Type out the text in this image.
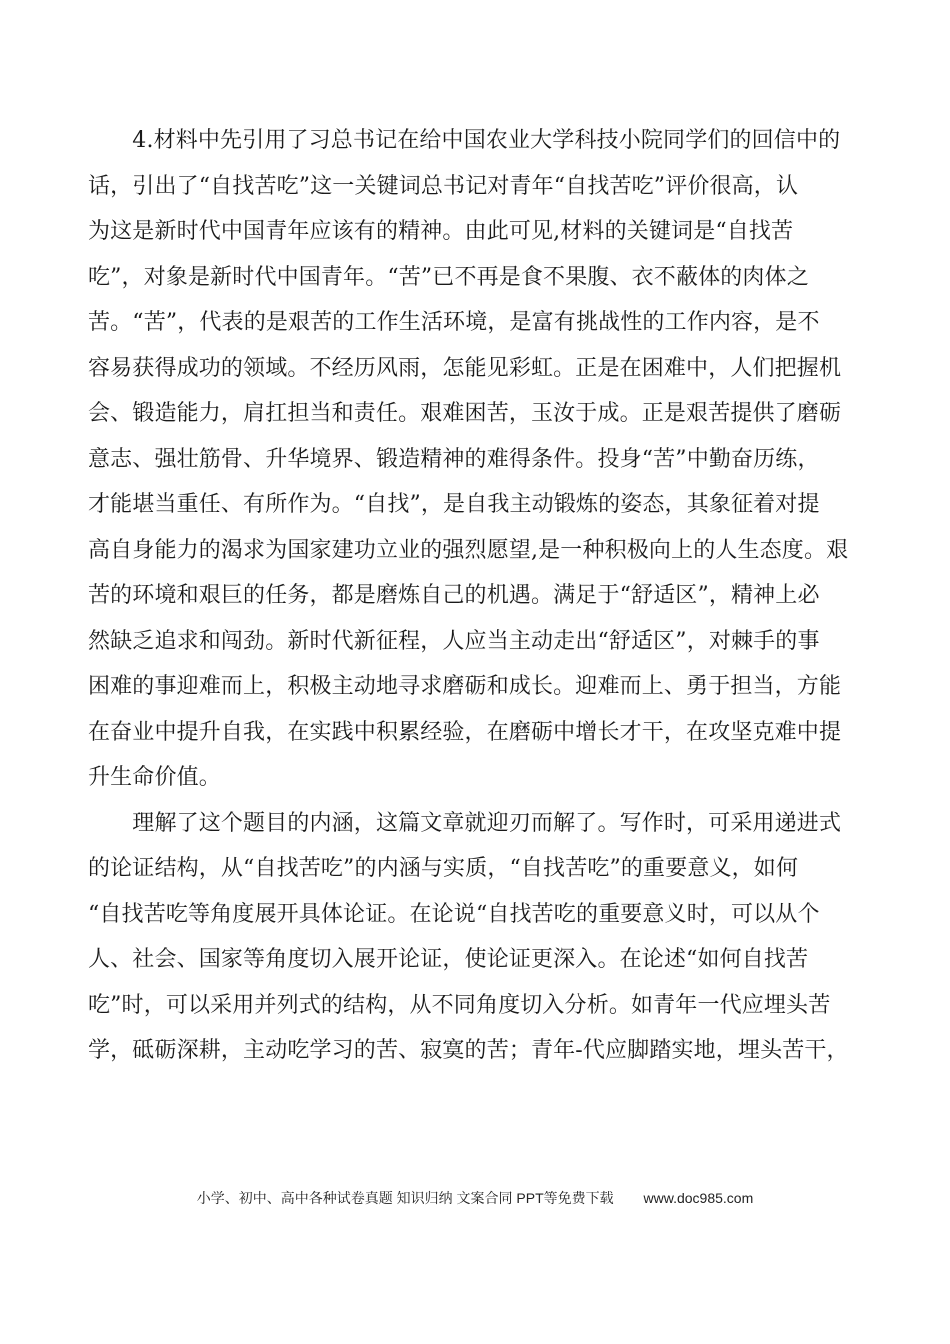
　　4.材料中先引用了习总书记在给中国农业大学科技小院同学们的回信中的
话，引出了“自找苦吃”这一关键词总书记对青年“自找苦吃”评价很高，认
为这是新时代中国青年应该有的精神。由此可见,材料的关键词是“自找苦
吃”，对象是新时代中国青年。“苦”已不再是食不果腹、衣不蔽体的肉体之
苦。“苦”，代表的是艰苦的工作生活环境，是富有挑战性的工作内容，是不
容易获得成功的领域。不经历风雨，怎能见彩虹。正是在困难中，人们把握机
会、锻造能力，肩扛担当和责任。艰难困苦，玉汝于成。正是艰苦提供了磨砺
意志、强壮筋骨、升华境界、锻造精神的难得条件。投身“苦”中勤奋历练，
才能堪当重任、有所作为。“自找”，是自我主动锻炼的姿态，其象征着对提
高自身能力的渴求为国家建功立业的强烈愿望,是一种积极向上的人生态度。艰
苦的环境和艰巨的任务，都是磨炼自己的机遇。满足于“舒适区”，精神上必
然缺乏追求和闯劲。新时代新征程，人应当主动走出“舒适区”，对棘手的事
困难的事迎难而上，积极主动地寻求磨砺和成长。迎难而上、勇于担当，方能
在奋业中提升自我，在实践中积累经验，在磨砺中增长才干，在攻坚克难中提
升生命价值。
　　理解了这个题目的内涵，这篇文章就迎刃而解了。写作时，可采用递进式
的论证结构，从“自找苦吃”的内涵与实质，“自找苦吃”的重要意义，如何
“自找苦吃等角度展开具体论证。在论说“自找苦吃的重要意义时，可以从个
人、社会、国家等角度切入展开论证，使论证更深入。在论述“如何自找苦
吃”时，可以采用并列式的结构，从不同角度切入分析。如青年一代应埋头苦
学，砥砺深耕，主动吃学习的苦、寂寞的苦；青年-代应脚踏实地，埋头苦干，
小学、初中、高中各种试卷真题 知识归纳 文案合同 PPT等免费下载 www.doc985.com
